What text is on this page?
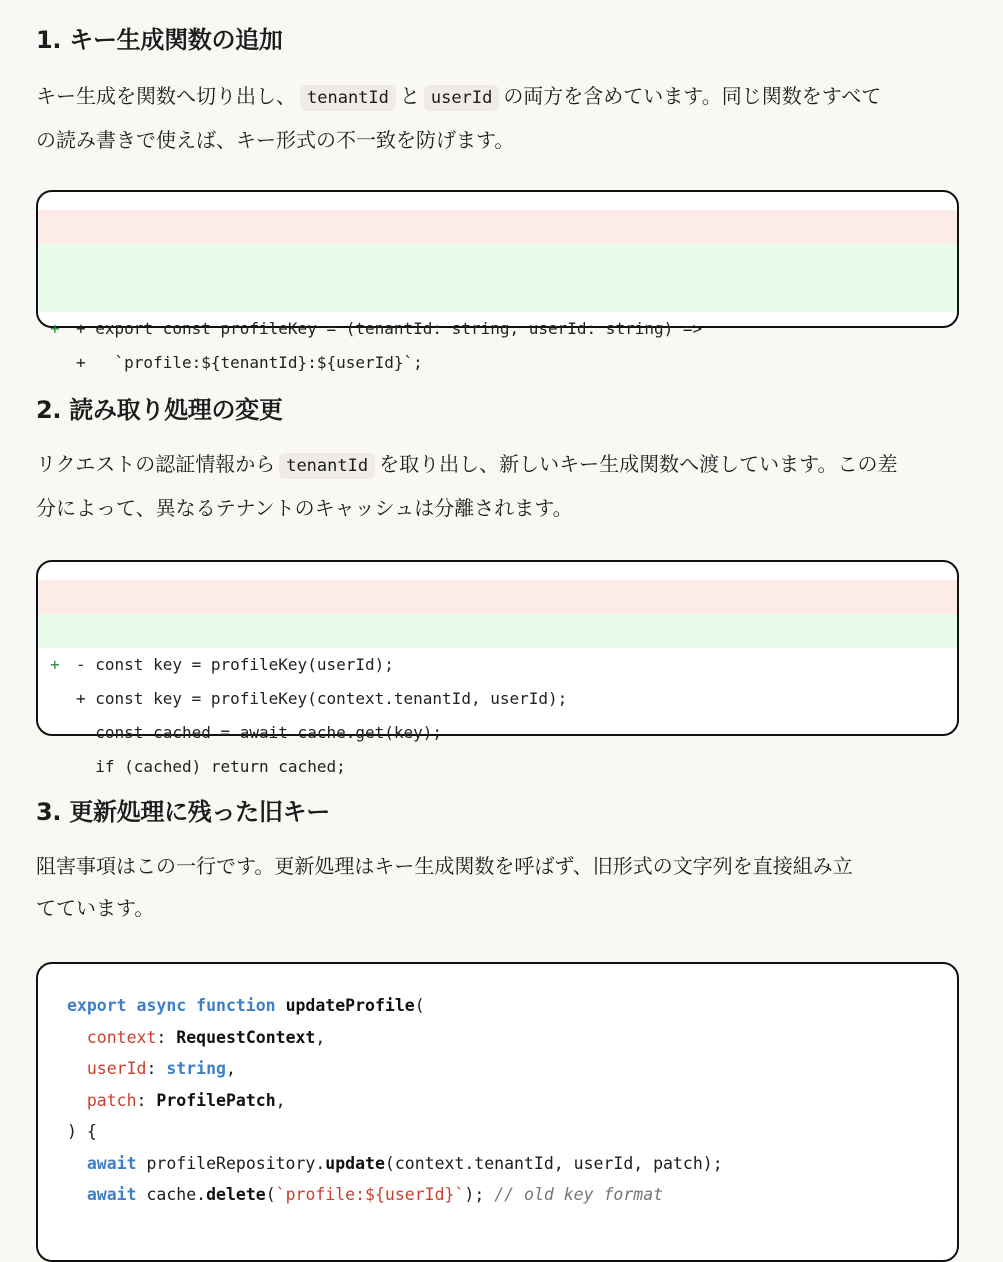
1. キー生成関数の追加

キー生成を関数へ切り出し、 tenantId と userId の両方を含めています。同じ関数をすべて
の読み書きで使えば、キー形式の不一致を防げます。

+ export const profileKey = (tenantId: string, userId: string) =>

+

+   `profile:${tenantId}:${userId}`;

2. 読み取り処理の変更

リクエストの認証情報から tenantId を取り出し、新しいキー生成関数へ渡しています。この差
分によって、異なるテナントのキャッシュは分離されます。

- const key = profileKey(userId);

+

+ const key = profileKey(context.tenantId, userId);

const cached = await cache.get(key);

if (cached) return cached;

3. 更新処理に残った旧キー

阻害事項はこの一行です。更新処理はキー生成関数を呼ばず、旧形式の文字列を直接組み立
てています。

export async function updateProfile(
context: RequestContext,
userId: string,
patch: ProfilePatch,
) {
await profileRepository.update(context.tenantId, userId, patch);
await cache.delete(`profile:${userId}`); // old key format
